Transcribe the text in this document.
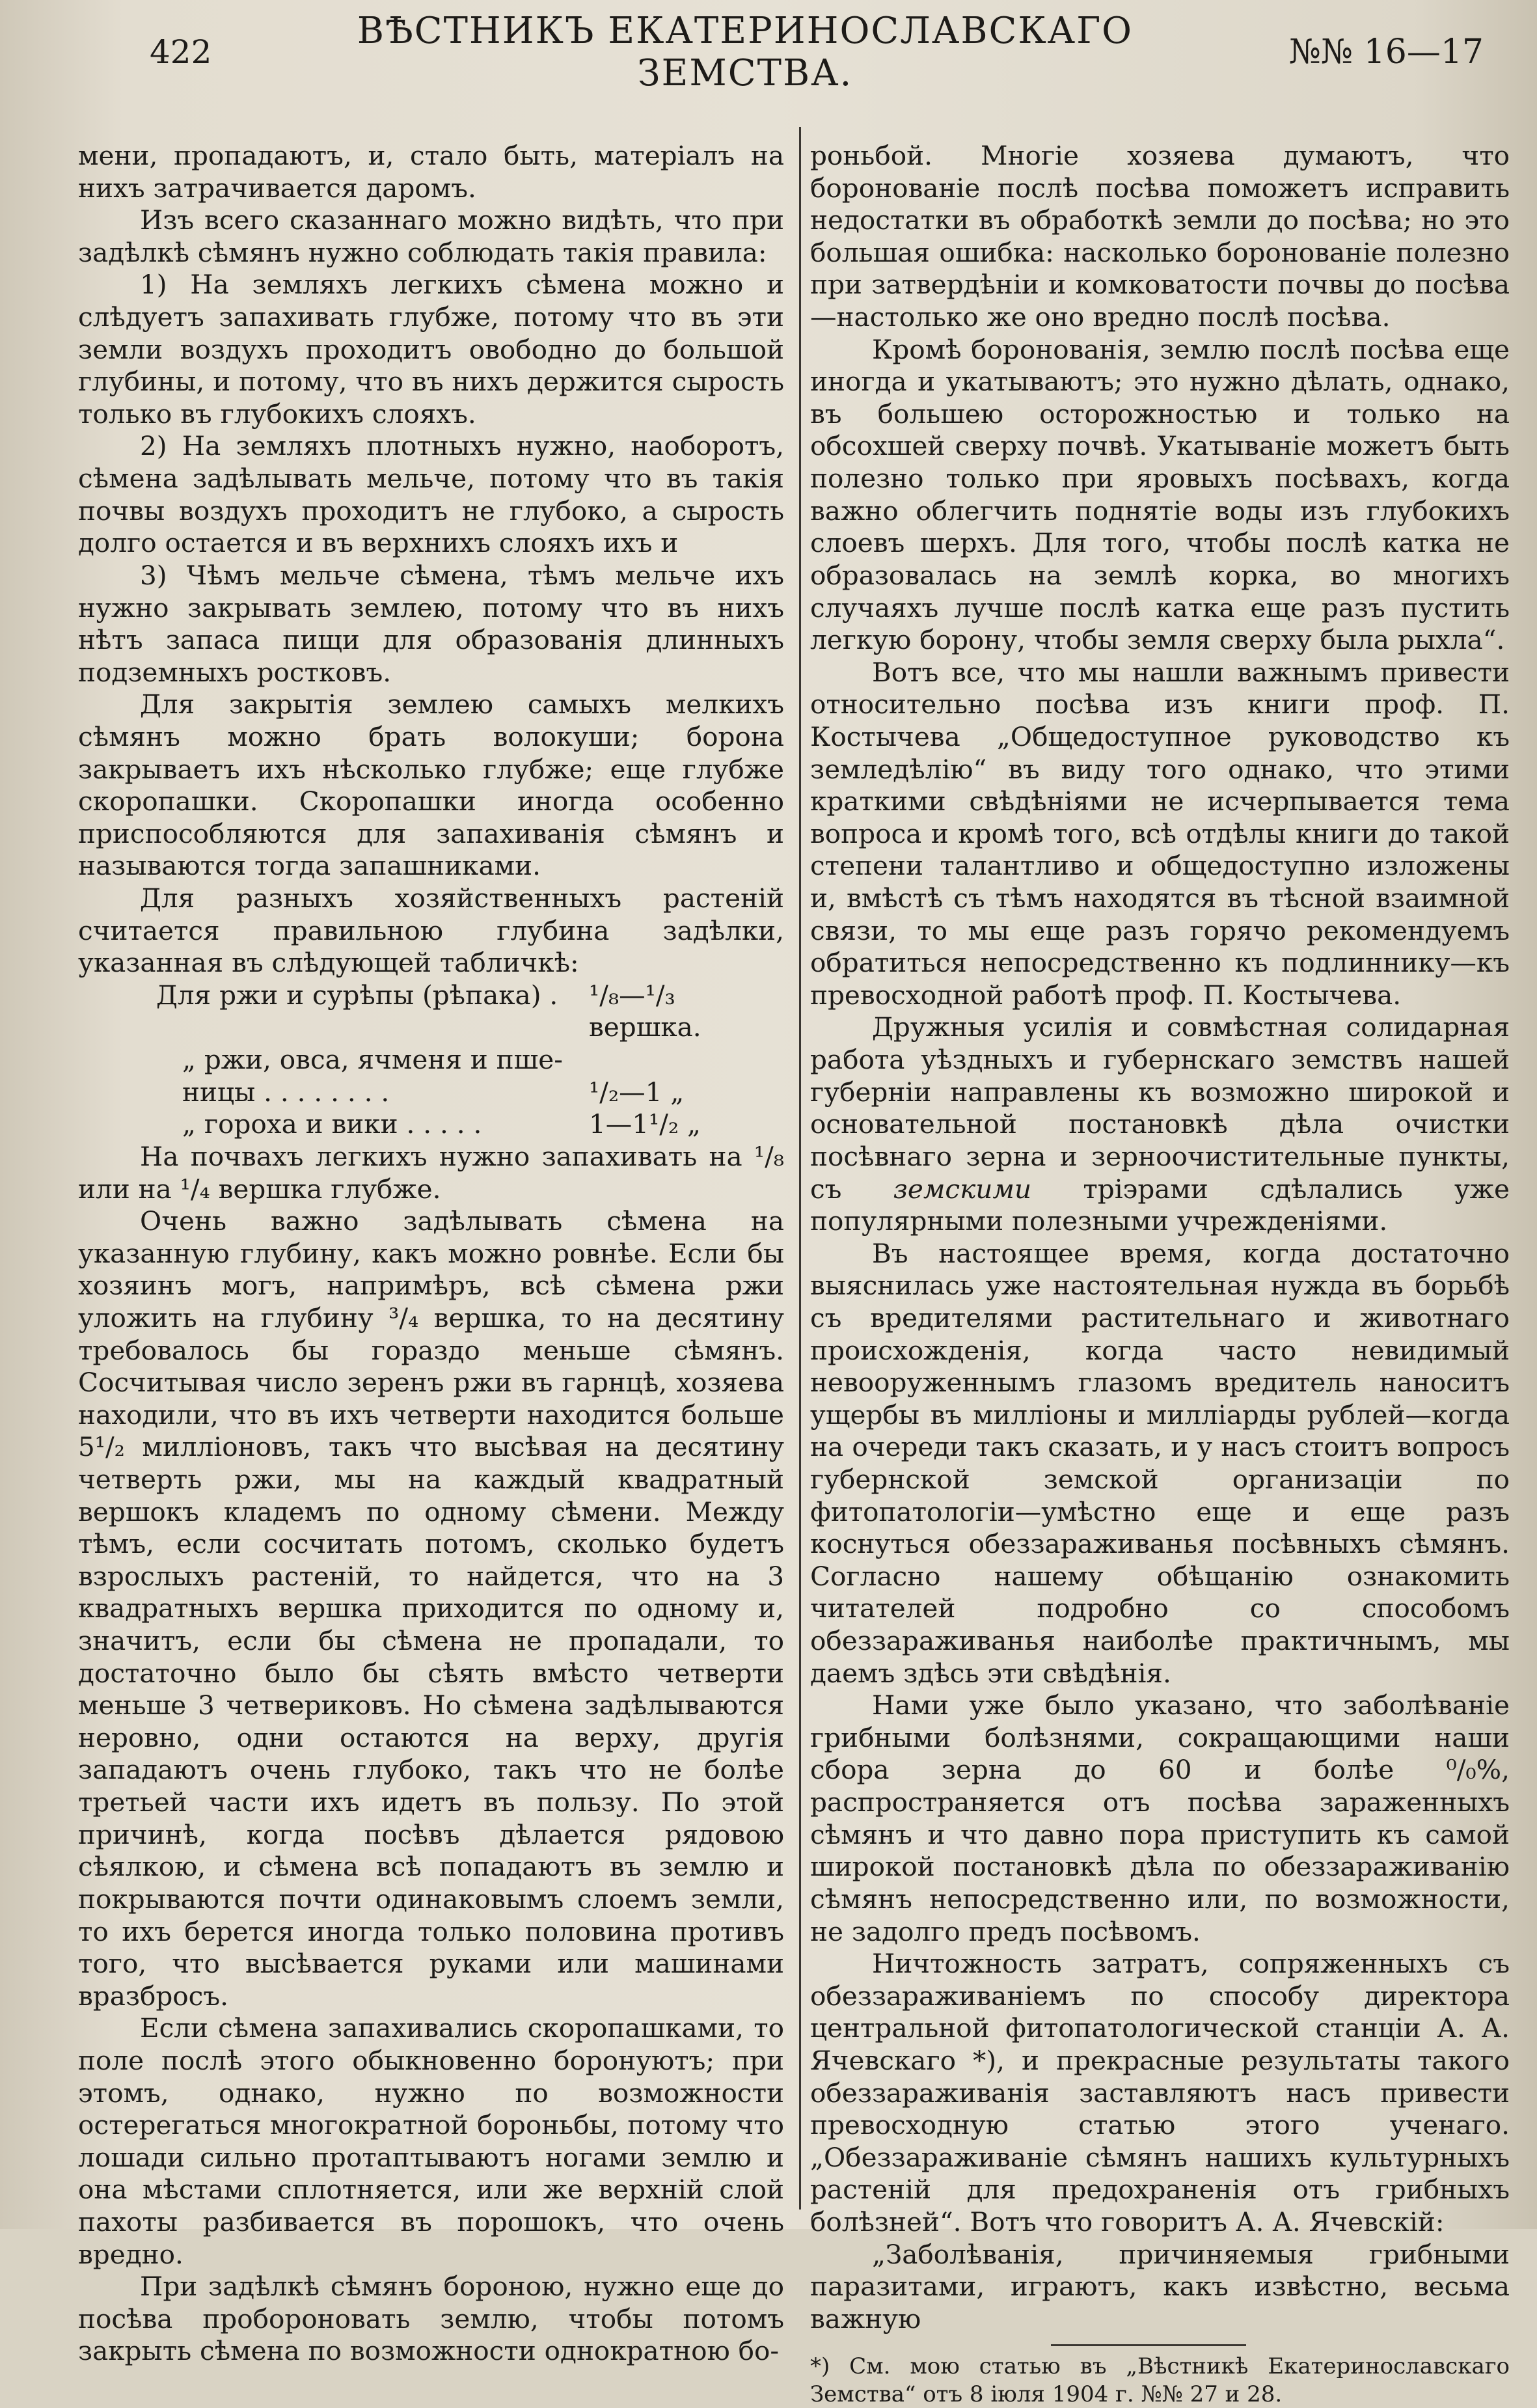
422	ВѢСТНИКЪ ЕКАТЕРИНОСЛАВСКАГО ЗЕМСТВА.	№№ 16—17

мени, пропадаютъ, и, стало быть, матеріалъ на нихъ затрачивается даромъ.

Изъ всего сказаннаго можно видѣть, что при задѣлкѣ сѣмянъ нужно соблюдать такія правила:

1) На земляхъ легкихъ сѣмена можно и слѣдуетъ запахивать глубже, потому что въ эти земли воздухъ проходитъ овободно до большой глубины, и потому, что въ нихъ держится сырость только въ глубокихъ слояхъ.

2) На земляхъ плотныхъ нужно, наоборотъ, сѣмена задѣлывать мельче, потому что въ такія почвы воздухъ проходитъ не глубоко, а сырость долго остается и въ верхнихъ слояхъ ихъ и

3) Чѣмъ мельче сѣмена, тѣмъ мельче ихъ нужно закрывать землею, потому что въ нихъ нѣтъ запаса пищи для образованія длинныхъ подземныхъ ростковъ.

Для закрытія землею самыхъ мелкихъ сѣмянъ можно брать волокуши; борона закрываетъ ихъ нѣсколько глубже; еще глубже скоропашки. Скоропашки иногда особенно приспособляются для запахиванія сѣмянъ и называются тогда запашниками.

Для разныхъ хозяйственныхъ растеній считается правильною глубина задѣлки, указанная въ слѣдующей табличкѣ:

Для ржи и сурѣпы (рѣпака) .	¹/₈—¹/₃ вершка.
„ ржи, овса, ячменя и пше-
ницы . . . . . . . .	¹/₂—1 „
„ гороха и вики . . . . .	1—1¹/₂ „

На почвахъ легкихъ нужно запахивать на ¹/₈ или на ¹/₄ вершка глубже.

Очень важно задѣлывать сѣмена на указанную глубину, какъ можно ровнѣе. Если бы хозяинъ могъ, напримѣръ, всѣ сѣмена ржи уложить на глубину ³/₄ вершка, то на десятину требовалось бы гораздо меньше сѣмянъ. Сосчитывая число зеренъ ржи въ гарнцѣ, хозяева находили, что въ ихъ четверти находится больше 5¹/₂ милліоновъ, такъ что высѣвая на десятину четверть ржи, мы на каждый квадратный вершокъ кладемъ по одному сѣмени. Между тѣмъ, если сосчитать потомъ, сколько будетъ взрослыхъ растеній, то найдется, что на 3 квадратныхъ вершка приходится по одному и, значитъ, если бы сѣмена не пропадали, то достаточно было бы сѣять вмѣсто четверти меньше 3 четвериковъ. Но сѣмена задѣлываются неровно, одни остаются на верху, другія западаютъ очень глубоко, такъ что не болѣе третьей части ихъ идетъ въ пользу. По этой причинѣ, когда посѣвъ дѣлается рядовою сѣялкою, и сѣмена всѣ попадаютъ въ землю и покрываются почти одинаковымъ слоемъ земли, то ихъ берется иногда только половина противъ того, что высѣвается руками или машинами вразбросъ.

Если сѣмена запахивались скоропашками, то поле послѣ этого обыкновенно боронуютъ; при этомъ, однако, нужно по возможности остерегаться многократной бороньбы, потому что лошади сильно протаптываютъ ногами землю и она мѣстами сплотняется, или же верхній слой пахоты разбивается въ порошокъ, что очень вредно.

При задѣлкѣ сѣмянъ бороною, нужно еще до посѣва пробороновать землю, чтобы потомъ закрыть сѣмена по возможности однократною бо-

роньбой. Многіе хозяева думаютъ, что боронованіе послѣ посѣва поможетъ исправить недостатки въ обработкѣ земли до посѣва; но это большая ошибка: насколько боронованіе полезно при затвердѣніи и комковатости почвы до посѣва—настолько же оно вредно послѣ посѣва.

Кромѣ боронованія, землю послѣ посѣва еще иногда и укатываютъ; это нужно дѣлать, однако, въ большею осторожностью и только на обсохшей сверху почвѣ. Укатываніе можетъ быть полезно только при яровыхъ посѣвахъ, когда важно облегчить поднятіе воды изъ глубокихъ слоевъ шерхъ. Для того, чтобы послѣ катка не образовалась на землѣ корка, во многихъ случаяхъ лучше послѣ катка еще разъ пустить легкую борону, чтобы земля сверху была рыхла“.

Вотъ все, что мы нашли важнымъ привести относительно посѣва изъ книги проф. П. Костычева „Общедоступное руководство къ земледѣлію“ въ виду того однако, что этими краткими свѣдѣніями не исчерпывается тема вопроса и кромѣ того, всѣ отдѣлы книги до такой степени талантливо и общедоступно изложены и, вмѣстѣ съ тѣмъ находятся въ тѣсной взаимной связи, то мы еще разъ горячо рекомендуемъ обратиться непосредственно къ подлиннику—къ превосходной работѣ проф. П. Костычева.

Дружныя усилія и совмѣстная солидарная работа уѣздныхъ и губернскаго земствъ нашей губерніи направлены къ возможно широкой и основательной постановкѣ дѣла очистки посѣвнаго зерна и зерноочистительные пункты, съ земскими тріэрами сдѣлались уже популярными полезными учрежденіями.

Въ настоящее время, когда достаточно выяснилась уже настоятельная нужда въ борьбѣ съ вредителями растительнаго и животнаго происхожденія, когда часто невидимый невооруженнымъ глазомъ вредитель наноситъ ущербы въ милліоны и милліарды рублей—когда на очереди такъ сказать, и у насъ стоитъ вопросъ губернской земской организаціи по фитопатологіи—умѣстно еще и еще разъ коснуться обеззараживанья посѣвныхъ сѣмянъ. Согласно нашему обѣщанію ознакомить читателей подробно со способомъ обеззараживанья наиболѣе практичнымъ, мы даемъ здѣсь эти свѣдѣнія.

Нами уже было указано, что заболѣваніе грибными болѣзнями, сокращающими наши сбора зерна до 60 и болѣе ⁰/₀%, распространяется отъ посѣва зараженныхъ сѣмянъ и что давно пора приступить къ самой широкой постановкѣ дѣла по обеззараживанію сѣмянъ непосредственно или, по возможности, не задолго предъ посѣвомъ.

Ничтожность затратъ, сопряженныхъ съ обеззараживаніемъ по способу директора центральной фитопатологической станціи А. А. Ячевскаго *), и прекрасные результаты такого обеззараживанія заставляютъ насъ привести превосходную статью этого ученаго. „Обеззараживаніе сѣмянъ нашихъ культурныхъ растеній для предохраненія отъ грибныхъ болѣзней“. Вотъ что говоритъ А. А. Ячевскій:

„Заболѣванія, причиняемыя грибными паразитами, играютъ, какъ извѣстно, весьма важную

*) См. мою статью въ „Вѣстникѣ Екатеринославскаго Земства“ отъ 8 іюля 1904 г. №№ 27 и 28.
